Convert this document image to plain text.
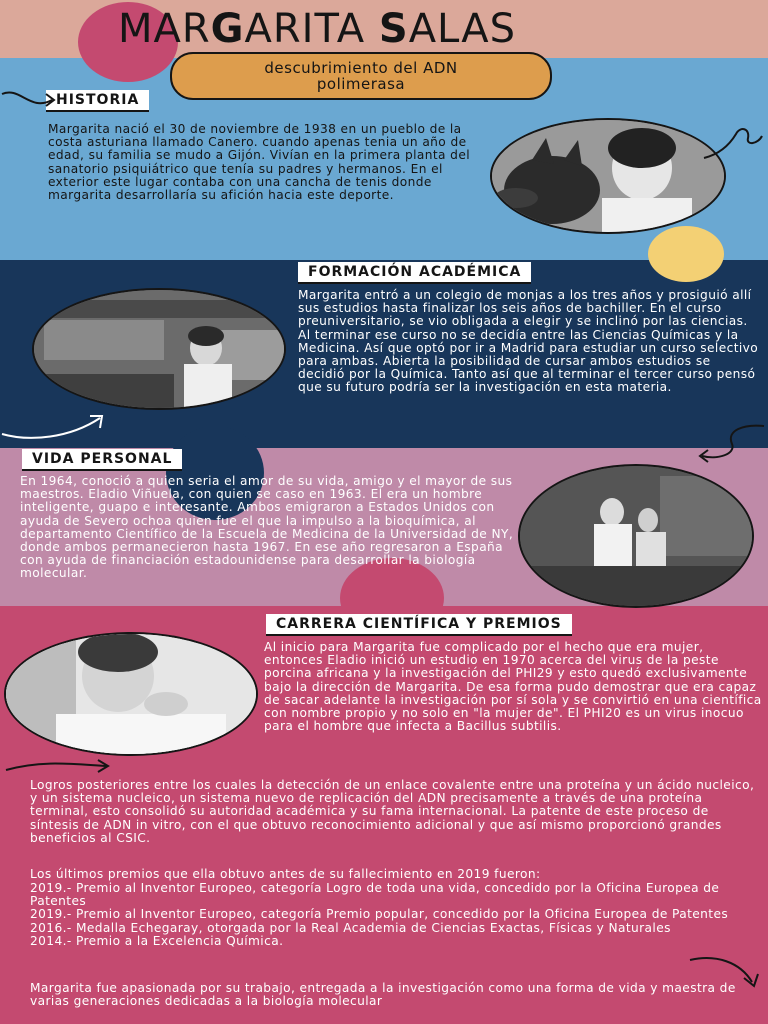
MARGARITA SALAS
descubrimiento del ADN
polimerasa
HISTORIA

Margarita nació el 30 de noviembre de 1938 en un pueblo de la costa asturiana llamado Canero. cuando apenas tenia un año de edad, su familia se mudo a Gijón. Vivían en la primera planta del sanatorio psiquiátrico que tenía su padres y hermanos. En el exterior este lugar contaba con una cancha de tenis donde margarita desarrollaría su afición hacia este deporte.

FORMACIÓN ACADÉMICA

Margarita entró a un colegio de monjas a los tres años y prosiguió allí sus estudios hasta finalizar los seis años de bachiller. En el curso preuniversitario, se vio obligada a elegir y se inclinó por las ciencias. Al terminar ese curso no se decidía entre las Ciencias Químicas y la Medicina. Así que optó por ir a Madrid para estudiar un curso selectivo para ambas. Abierta la posibilidad de cursar ambos estudios se decidió por la Química. Tanto así que al terminar el tercer curso pensó que su futuro podría ser la investigación en esta materia.

VIDA PERSONAL

En 1964, conoció a quien seria el amor de su vida, amigo y el mayor de sus maestros. Eladio Viñuela, con quien se caso en 1963. El era un hombre inteligente, guapo e interesante. Ambos emigraron a Estados Unidos con ayuda de Severo ochoa quien fue el que la impulso a la bioquímica, al departamento Científico de la Escuela de Medicina de la Universidad de NY, donde ambos permanecieron hasta 1967. En ese año regresaron a España con ayuda de financiación estadounidense para desarrollar la biología molecular.

CARRERA CIENTÍFICA Y PREMIOS

Al inicio para Margarita fue complicado por el hecho que era mujer, entonces Eladio inició un estudio en 1970 acerca del virus de la peste porcina africana y la investigación del PHI29 y esto quedó exclusivamente bajo la dirección de Margarita. De esa forma pudo demostrar que era capaz de sacar adelante la investigación por sí sola y se convirtió en una científica con nombre propio y no solo en "la mujer de". El PHI20 es un virus inocuo para el hombre que infecta a Bacillus subtilis.

Logros posteriores entre los cuales la detección de un enlace covalente entre una proteína y un ácido nucleico, y un sistema nucleico, un sistema nuevo de replicación del ADN precisamente a través de una proteína terminal, esto consolidó su autoridad académica y su fama internacional. La patente de este proceso de síntesis de ADN in vitro, con el que obtuvo reconocimiento adicional y que así mismo proporcionó grandes beneficios al CSIC.

Los últimos premios que ella obtuvo antes de su fallecimiento en 2019 fueron:

2019.- Premio al Inventor Europeo, categoría Logro de toda una vida, concedido por la Oficina Europea de Patentes
2019.- Premio al Inventor Europeo, categoría Premio popular, concedido por la Oficina Europea de Patentes
2016.- Medalla Echegaray, otorgada por la Real Academia de Ciencias Exactas, Físicas y Naturales
2014.- Premio a la Excelencia Química.

Margarita fue apasionada por su trabajo, entregada a la investigación como una forma de vida y maestra de varias generaciones dedicadas a la biología molecular
